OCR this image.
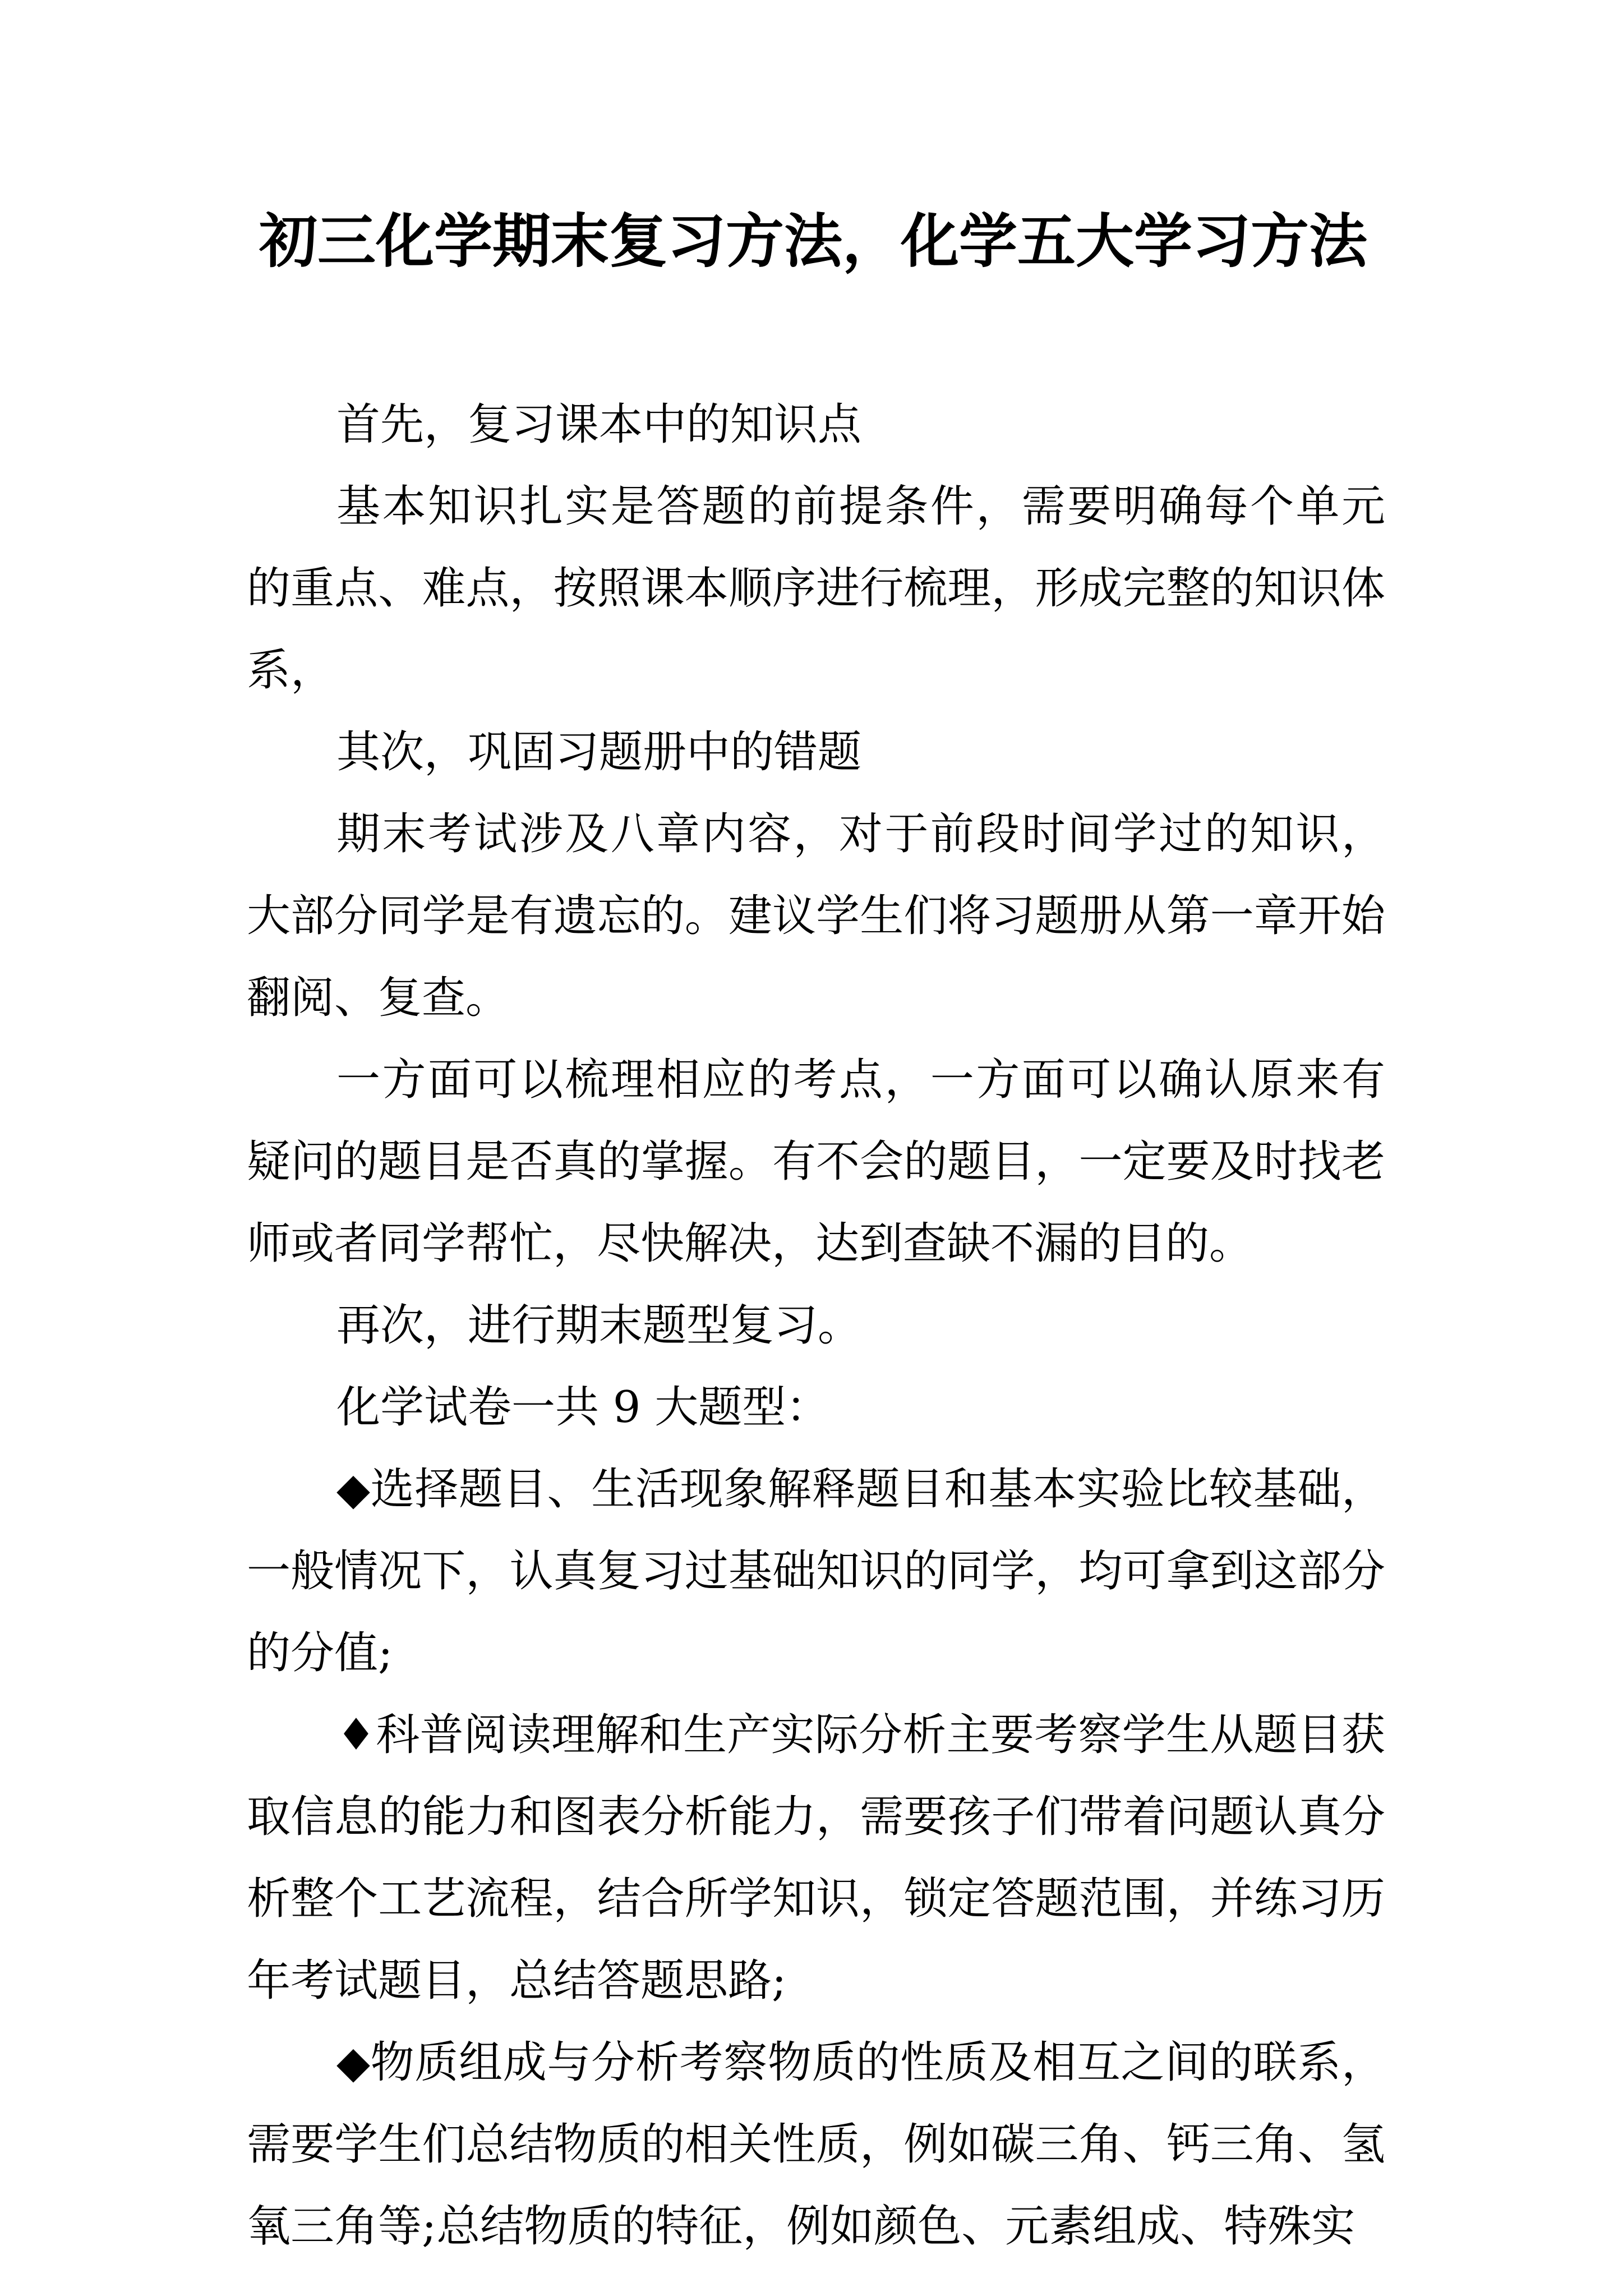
初三化学期末复习方法，化学五大学习方法

首先，复习课本中的知识点

基本知识扎实是答题的前提条件，需要明确每个单元的重点、难点，按照课本顺序进行梳理，形成完整的知识体系，

其次，巩固习题册中的错题

期末考试涉及八章内容，对于前段时间学过的知识，大部分同学是有遗忘的。建议学生们将习题册从第一章开始翻阅、复查。

一方面可以梳理相应的考点，一方面可以确认原来有疑问的题目是否真的掌握。有不会的题目，一定要及时找老师或者同学帮忙，尽快解决，达到查缺不漏的目的。

再次，进行期末题型复习。

化学试卷一共 9 大题型：

◆选择题目、生活现象解释题目和基本实验比较基础，一般情况下，认真复习过基础知识的同学，均可拿到这部分的分值;

♦科普阅读理解和生产实际分析主要考察学生从题目获取信息的能力和图表分析能力，需要孩子们带着问题认真分析整个工艺流程，结合所学知识，锁定答题范围，并练习历年考试题目，总结答题思路;

◆物质组成与分析考察物质的性质及相互之间的联系，需要学生们总结物质的相关性质，例如碳三角、钙三角、氢氧三角等;总结物质的特征，例如颜色、元素组成、特殊实
